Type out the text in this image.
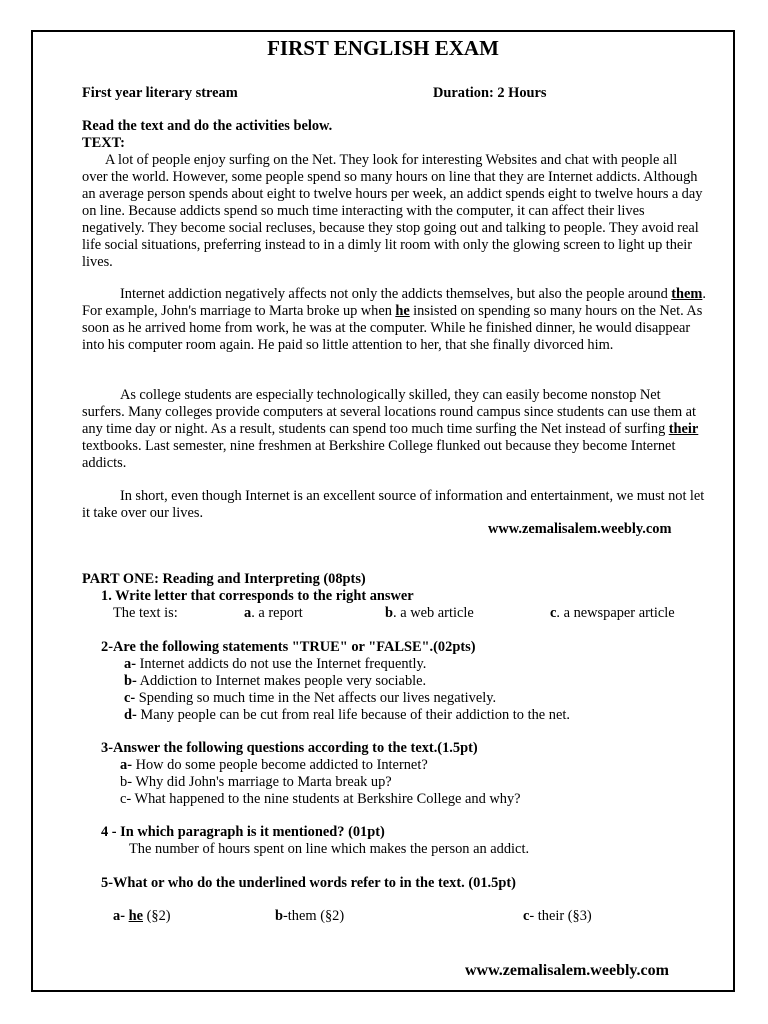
FIRST ENGLISH EXAM
First year literary stream	Duration: 2 Hours
Read the text and do the activities below.
TEXT:
A lot of people enjoy surfing on the Net. They look for interesting Websites and chat with people all over the world. However, some people spend so many hours on line that they are Internet addicts. Although an average person spends about eight to twelve hours per week, an addict spends eight to twelve hours a day on line. Because addicts spend so much time interacting with the computer, it can affect their lives negatively. They become social recluses, because they stop going out and talking to people. They avoid real life social situations, preferring instead to in a dimly lit room with only the glowing screen to light up their lives.
Internet addiction negatively affects not only the addicts themselves, but also the people around them. For example, John's marriage to Marta broke up when he insisted on spending so many hours on the Net. As soon as he arrived home from work, he was at the computer. While he finished dinner, he would disappear into his computer room again. He paid so little attention to her, that she finally divorced him.
As college students are especially technologically skilled, they can easily become nonstop Net surfers. Many colleges provide computers at several locations round campus since students can use them at any time day or night. As a result, students can spend too much time surfing the Net instead of surfing their textbooks. Last semester, nine freshmen at Berkshire College flunked out because they become Internet addicts.
In short, even though Internet is an excellent source of information and entertainment, we must not let it take over our lives.
www.zemalisalem.weebly.com
PART ONE: Reading and Interpreting (08pts)
1. Write letter that corresponds to the right answer
The text is:	a. a report	b. a web article	c. a newspaper article
2-Are the following statements "TRUE" or "FALSE".(02pts)
a- Internet addicts do not use the Internet frequently.
b- Addiction to Internet makes people very sociable.
c- Spending so much time in the Net affects our lives negatively.
d- Many people can be cut from real life because of their addiction to the net.
3-Answer the following questions according to the text.(1.5pt)
a- How do some people become addicted to Internet?
b- Why did John's marriage to Marta break up?
c- What happened to the nine students at Berkshire College and why?
4 - In which paragraph is it mentioned? (01pt)
The number of hours spent on line which makes the person an addict.
5-What or who do the underlined words refer to in the text. (01.5pt)
a- he (§2)	b-them (§2)	c- their (§3)
www.zemalisalem.weebly.com
